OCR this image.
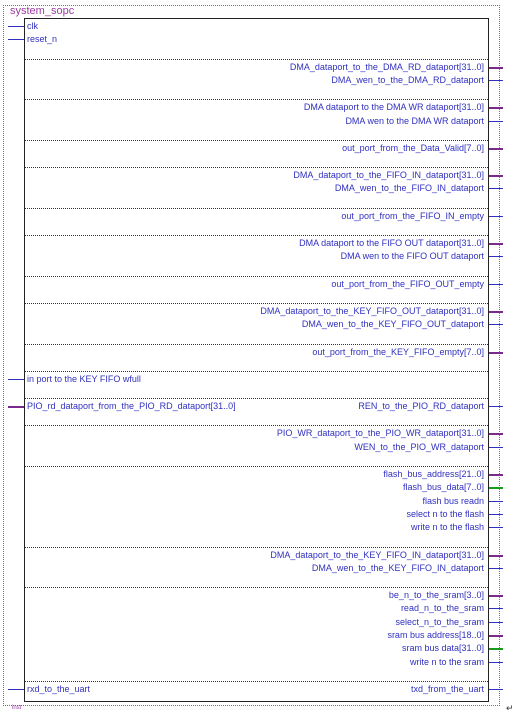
system_sopc
clk
reset_n
DMA_dataport_to_the_DMA_RD_dataport[31..0]
DMA_wen_to_the_DMA_RD_dataport
DMA dataport to the DMA WR dataport[31..0]
DMA wen to the DMA WR dataport
out_port_from_the_Data_Valid[7..0]
DMA_dataport_to_the_FIFO_IN_dataport[31..0]
DMA_wen_to_the_FIFO_IN_dataport
out_port_from_the_FIFO_IN_empty
DMA dataport to the FIFO OUT dataport[31..0]
DMA wen to the FIFO OUT dataport
out_port_from_the_FIFO_OUT_empty
DMA_dataport_to_the_KEY_FIFO_OUT_dataport[31..0]
DMA_wen_to_the_KEY_FIFO_OUT_dataport
out_port_from_the_KEY_FIFO_empty[7..0]
in port to the KEY FIFO wfull
PIO_rd_dataport_from_the_PIO_RD_dataport[31..0]	REN_to_the_PIO_RD_dataport
PIO_WR_dataport_to_the_PIO_WR_dataport[31..0]
WEN_to_the_PIO_WR_dataport
flash_bus_address[21..0]
flash_bus_data[7..0]
flash bus readn
select n to the flash
write n to the flash
DMA_dataport_to_the_KEY_FIFO_IN_dataport[31..0]
DMA_wen_to_the_KEY_FIFO_IN_dataport
be_n_to_the_sram[3..0]
read_n_to_the_sram
select_n_to_the_sram
sram bus address[18..0]
sram bus data[31..0]
write n to the sram
rxd_to_the_uart	txd_from_the_uart
inst	↵
